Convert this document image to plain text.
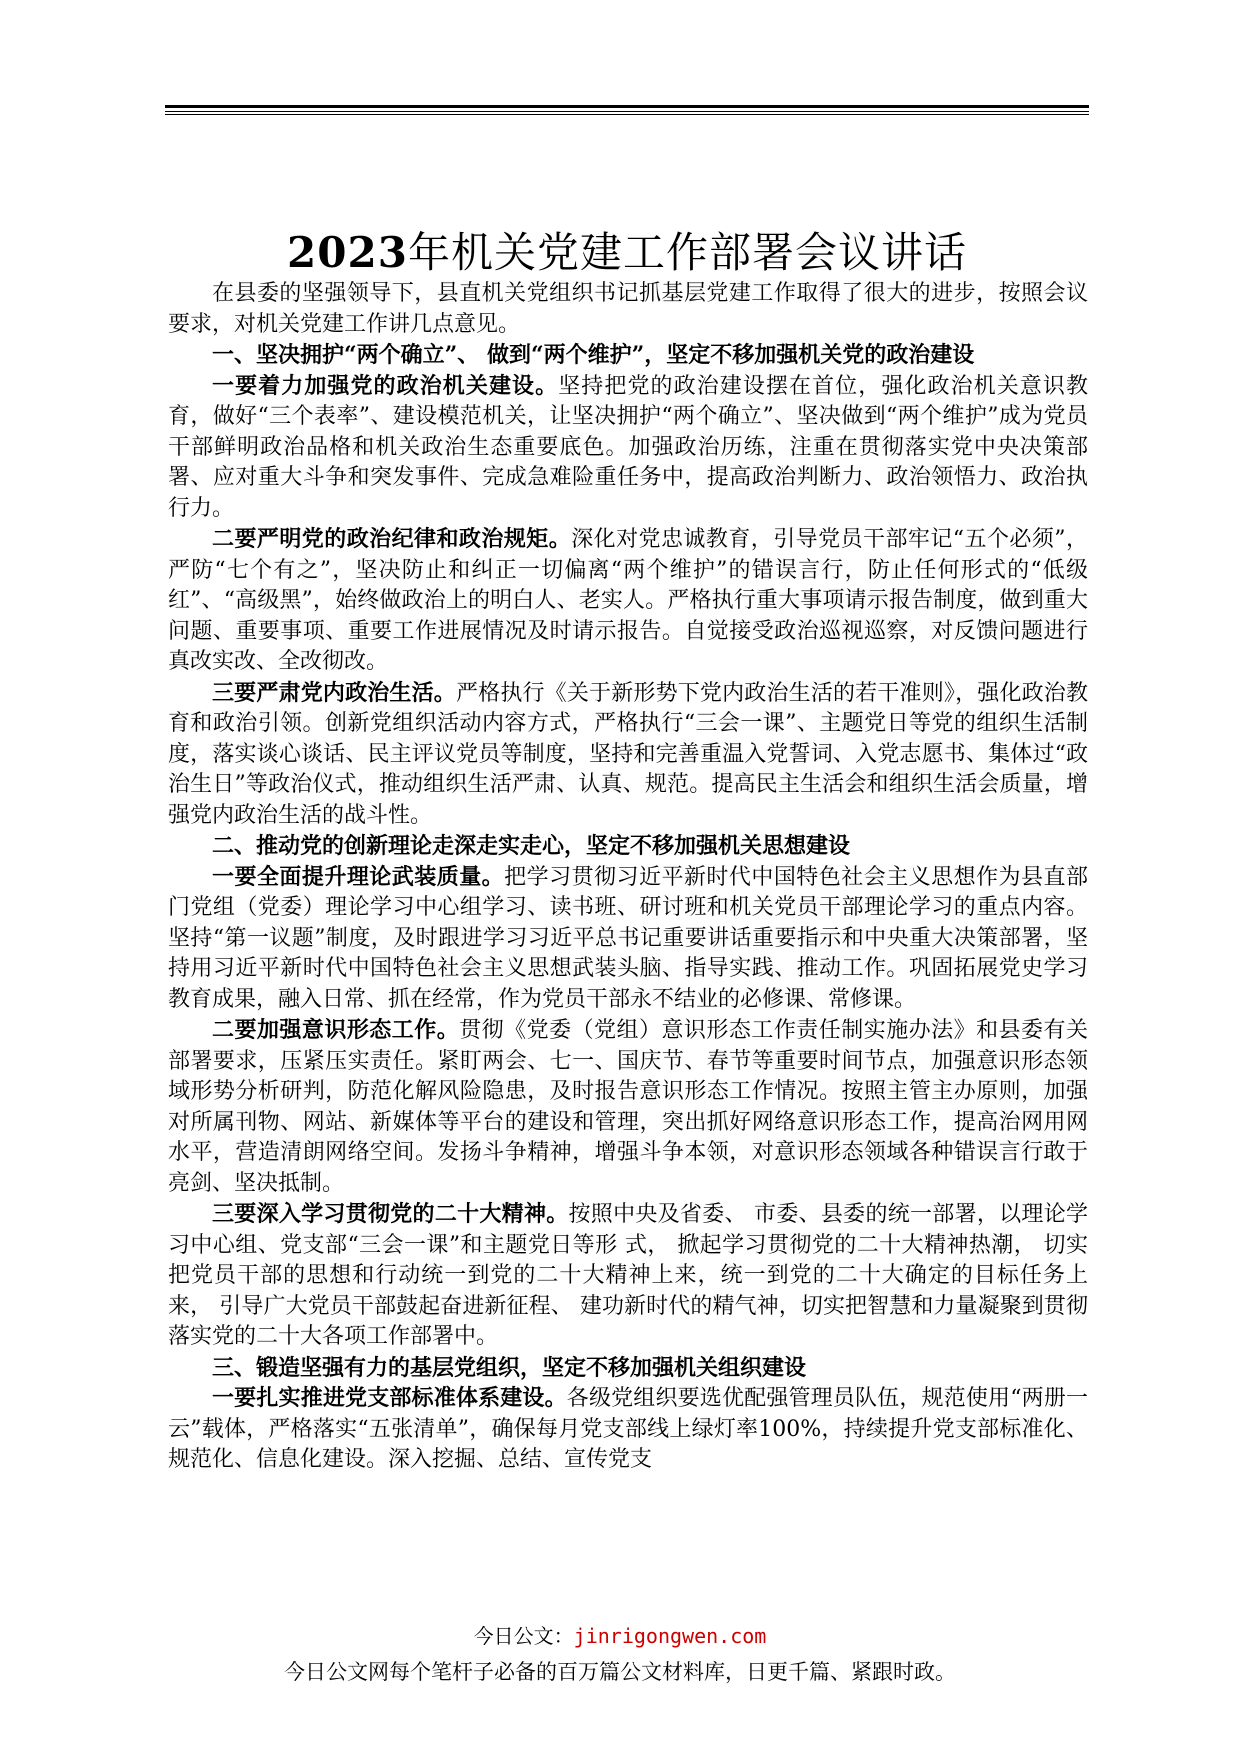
2023年机关党建工作部署会议讲话

在县委的坚强领导下，县直机关党组织书记抓基层党建工作取得了很大的进步，按照会议要求，对机关党建工作讲几点意见。

一、坚决拥护“两个确立”、 做到“两个维护”，坚定不移加强机关党的政治建设

一要着力加强党的政治机关建设。坚持把党的政治建设摆在首位，强化政治机关意识教育，做好“三个表率”、建设模范机关，让坚决拥护“两个确立”、坚决做到“两个维护”成为党员干部鲜明政治品格和机关政治生态重要底色。加强政治历练，注重在贯彻落实党中央决策部署、应对重大斗争和突发事件、完成急难险重任务中，提高政治判断力、政治领悟力、政治执行力。

二要严明党的政治纪律和政治规矩。深化对党忠诚教育，引导党员干部牢记“五个必须”，严防“七个有之”，坚决防止和纠正一切偏离“两个维护”的错误言行，防止任何形式的“低级红”、“高级黑”，始终做政治上的明白人、老实人。严格执行重大事项请示报告制度，做到重大问题、重要事项、重要工作进展情况及时请示报告。自觉接受政治巡视巡察，对反馈问题进行真改实改、全改彻改。

三要严肃党内政治生活。严格执行《关于新形势下党内政治生活的若干准则》，强化政治教育和政治引领。创新党组织活动内容方式，严格执行“三会一课”、主题党日等党的组织生活制度，落实谈心谈话、民主评议党员等制度，坚持和完善重温入党誓词、入党志愿书、集体过“政治生日”等政治仪式，推动组织生活严肃、认真、规范。提高民主生活会和组织生活会质量，增强党内政治生活的战斗性。

二、推动党的创新理论走深走实走心，坚定不移加强机关思想建设

一要全面提升理论武装质量。把学习贯彻习近平新时代中国特色社会主义思想作为县直部门党组（党委）理论学习中心组学习、读书班、研讨班和机关党员干部理论学习的重点内容。坚持“第一议题”制度，及时跟进学习习近平总书记重要讲话重要指示和中央重大决策部署，坚持用习近平新时代中国特色社会主义思想武装头脑、指导实践、推动工作。巩固拓展党史学习教育成果，融入日常、抓在经常，作为党员干部永不结业的必修课、常修课。

二要加强意识形态工作。贯彻《党委（党组）意识形态工作责任制实施办法》和县委有关部署要求，压紧压实责任。紧盯两会、七一、国庆节、春节等重要时间节点，加强意识形态领域形势分析研判，防范化解风险隐患，及时报告意识形态工作情况。按照主管主办原则，加强对所属刊物、网站、新媒体等平台的建设和管理，突出抓好网络意识形态工作，提高治网用网水平，营造清朗网络空间。发扬斗争精神，增强斗争本领，对意识形态领域各种错误言行敢于亮剑、坚决抵制。

三要深入学习贯彻党的二十大精神。按照中央及省委、 市委、县委的统一部署，以理论学习中心组、党支部“三会一课”和主题党日等形 式， 掀起学习贯彻党的二十大精神热潮， 切实把党员干部的思想和行动统一到党的二十大精神上来，统一到党的二十大确定的目标任务上 来， 引导广大党员干部鼓起奋进新征程、 建功新时代的精气神，切实把智慧和力量凝聚到贯彻落实党的二十大各项工作部署中。

三、锻造坚强有力的基层党组织，坚定不移加强机关组织建设

一要扎实推进党支部标准体系建设。各级党组织要选优配强管理员队伍，规范使用“两册一云”载体，严格落实“五张清单”，确保每月党支部线上绿灯率100%，持续提升党支部标准化、规范化、信息化建设。深入挖掘、总结、宣传党支

今日公文：jinrigongwen.com
今日公文网每个笔杆子必备的百万篇公文材料库，日更千篇、紧跟时政。
